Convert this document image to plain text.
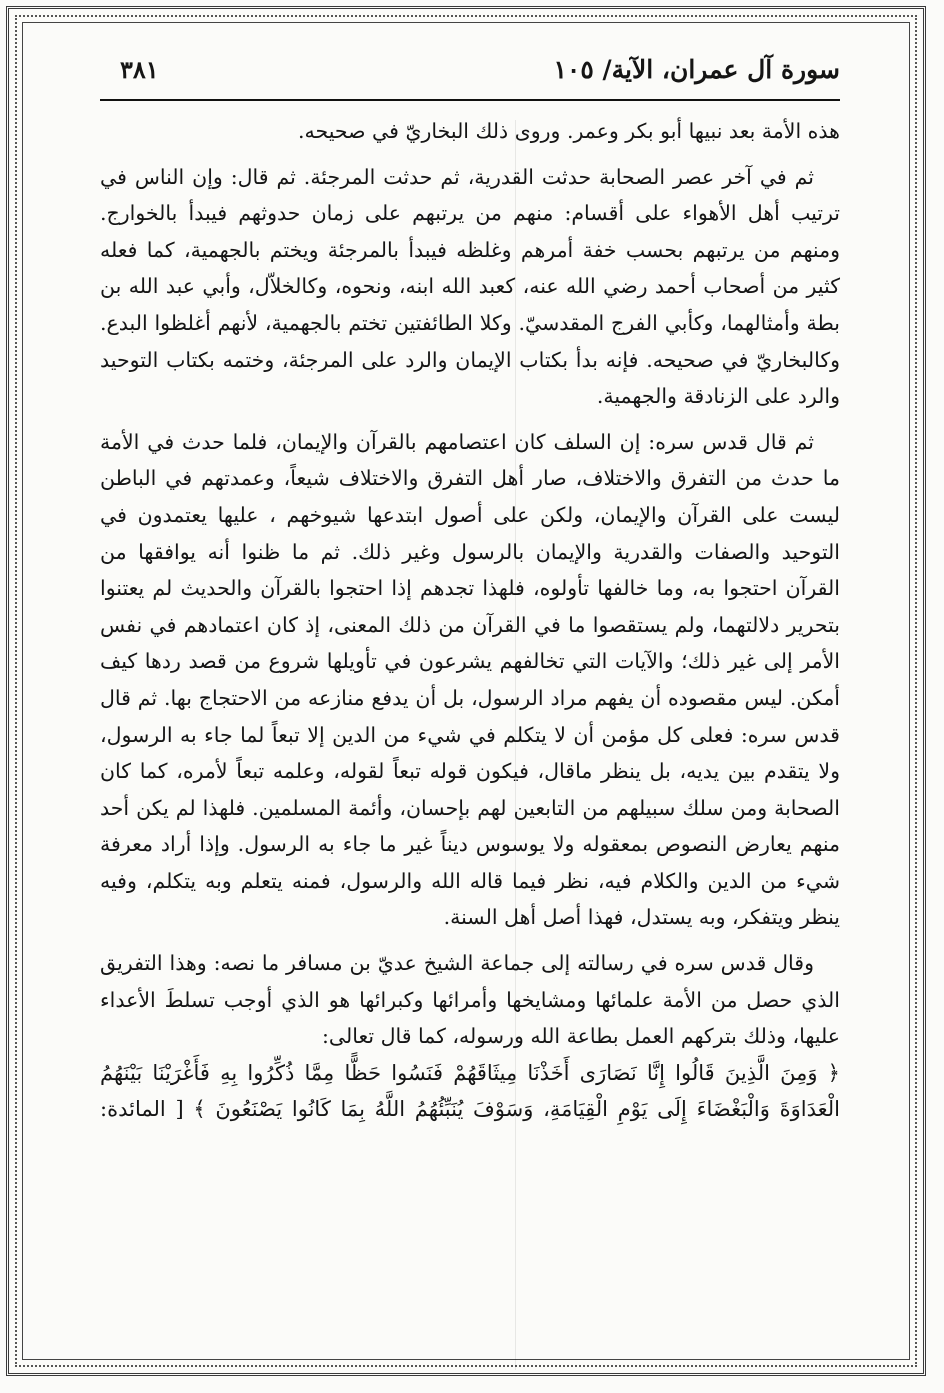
سورة آل عمران، الآية/ ١٠٥
٣٨١

هذه الأمة بعد نبيها أبو بكر وعمر. وروى ذلك البخاريّ في صحيحه.

ثم في آخر عصر الصحابة حدثت القدرية، ثم حدثت المرجئة. ثم قال: وإن الناس في ترتيب أهل الأهواء على أقسام: منهم من يرتبهم على زمان حدوثهم فيبدأ بالخوارج. ومنهم من يرتبهم بحسب خفة أمرهم وغلظه فيبدأ بالمرجئة ويختم بالجهمية، كما فعله كثير من أصحاب أحمد رضي الله عنه، كعبد الله ابنه، ونحوه، وكالخلاّل، وأبي عبد الله بن بطة وأمثالهما، وكأبي الفرج المقدسيّ. وكلا الطائفتين تختم بالجهمية، لأنهم أغلظوا البدع. وكالبخاريّ في صحيحه. فإنه بدأ بكتاب الإيمان والرد على المرجئة، وختمه بكتاب التوحيد والرد على الزنادقة والجهمية.

ثم قال قدس سره: إن السلف كان اعتصامهم بالقرآن والإيمان، فلما حدث في الأمة ما حدث من التفرق والاختلاف، صار أهل التفرق والاختلاف شيعاً، وعمدتهم في الباطن ليست على القرآن والإيمان، ولكن على أصول ابتدعها شيوخهم ، عليها يعتمدون في التوحيد والصفات والقدرية والإيمان بالرسول وغير ذلك. ثم ما ظنوا أنه يوافقها من القرآن احتجوا به، وما خالفها تأولوه، فلهذا تجدهم إذا احتجوا بالقرآن والحديث لم يعتنوا بتحرير دلالتهما، ولم يستقصوا ما في القرآن من ذلك المعنى، إذ كان اعتمادهم في نفس الأمر إلى غير ذلك؛ والآيات التي تخالفهم يشرعون في تأويلها شروع من قصد ردها كيف أمكن. ليس مقصوده أن يفهم مراد الرسول، بل أن يدفع منازعه من الاحتجاج بها. ثم قال قدس سره: فعلى كل مؤمن أن لا يتكلم في شيء من الدين إلا تبعاً لما جاء به الرسول، ولا يتقدم بين يديه، بل ينظر ماقال، فيكون قوله تبعاً لقوله، وعلمه تبعاً لأمره، كما كان الصحابة ومن سلك سبيلهم من التابعين لهم بإحسان، وأئمة المسلمين. فلهذا لم يكن أحد منهم يعارض النصوص بمعقوله ولا يوسوس ديناً غير ما جاء به الرسول. وإذا أراد معرفة شيء من الدين والكلام فيه، نظر فيما قاله الله والرسول، فمنه يتعلم وبه يتكلم، وفيه ينظر ويتفكر، وبه يستدل، فهذا أصل أهل السنة.

وقال قدس سره في رسالته إلى جماعة الشيخ عديّ بن مسافر ما نصه: وهذا التفريق الذي حصل من الأمة علمائها ومشايخها وأمرائها وكبرائها هو الذي أوجب تسلطَ الأعداء عليها، وذلك بتركهم العمل بطاعة الله ورسوله، كما قال تعالى:

﴿ وَمِنَ الَّذِينَ قَالُوا إِنَّا نَصَارَى أَخَذْنَا مِيثَاقَهُمْ فَنَسُوا حَظًّا مِمَّا ذُكِّرُوا بِهِ فَأَغْرَيْنَا بَيْنَهُمُ
الْعَدَاوَةَ وَالْبَغْضَاءَ إِلَى يَوْمِ الْقِيَامَةِ، وَسَوْفَ يُنَبِّئُهُمُ اللَّهُ بِمَا كَانُوا يَصْنَعُونَ ﴾ [ المائدة:
